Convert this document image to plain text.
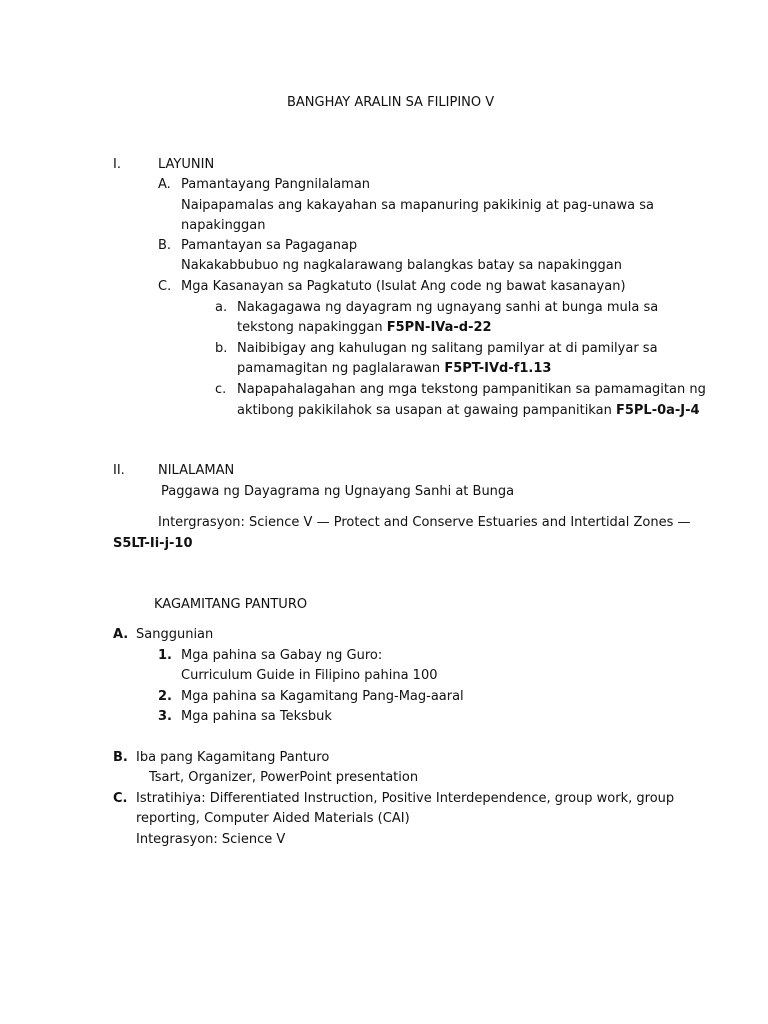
BANGHAY ARALIN SA FILIPINO V
I.	LAYUNIN
A. Pamantayang Pangnilalaman
Naipapamalas ang kakayahan sa mapanuring pakikinig at pag-unawa sa
napakinggan
B. Pamantayan sa Pagaganap
Nakakabbubuo ng nagkalarawang balangkas batay sa napakinggan
C. Mga Kasanayan sa Pagkatuto (Isulat Ang code ng bawat kasanayan)
a. Nakagagawa ng dayagram ng ugnayang sanhi at bunga mula sa
tekstong napakinggan F5PN-IVa-d-22
b. Naibibigay ang kahulugan ng salitang pamilyar at di pamilyar sa
pamamagitan ng paglalarawan F5PT-IVd-f1.13
c. Napapahalagahan ang mga tekstong pampanitikan sa pamamagitan ng
aktibong pakikilahok sa usapan at gawaing pampanitikan F5PL-0a-J-4
II.	NILALAMAN
Paggawa ng Dayagrama ng Ugnayang Sanhi at Bunga
Intergrasyon: Science V — Protect and Conserve Estuaries and Intertidal Zones —
S5LT-Ii-j-10
KAGAMITANG PANTURO
A. Sanggunian
1. Mga pahina sa Gabay ng Guro:
Curriculum Guide in Filipino pahina 100
2. Mga pahina sa Kagamitang Pang-Mag-aaral
3. Mga pahina sa Teksbuk
B. Iba pang Kagamitang Panturo
Tsart, Organizer, PowerPoint presentation
C. Istratihiya: Differentiated Instruction, Positive Interdependence, group work, group
reporting, Computer Aided Materials (CAI)
Integrasyon: Science V
